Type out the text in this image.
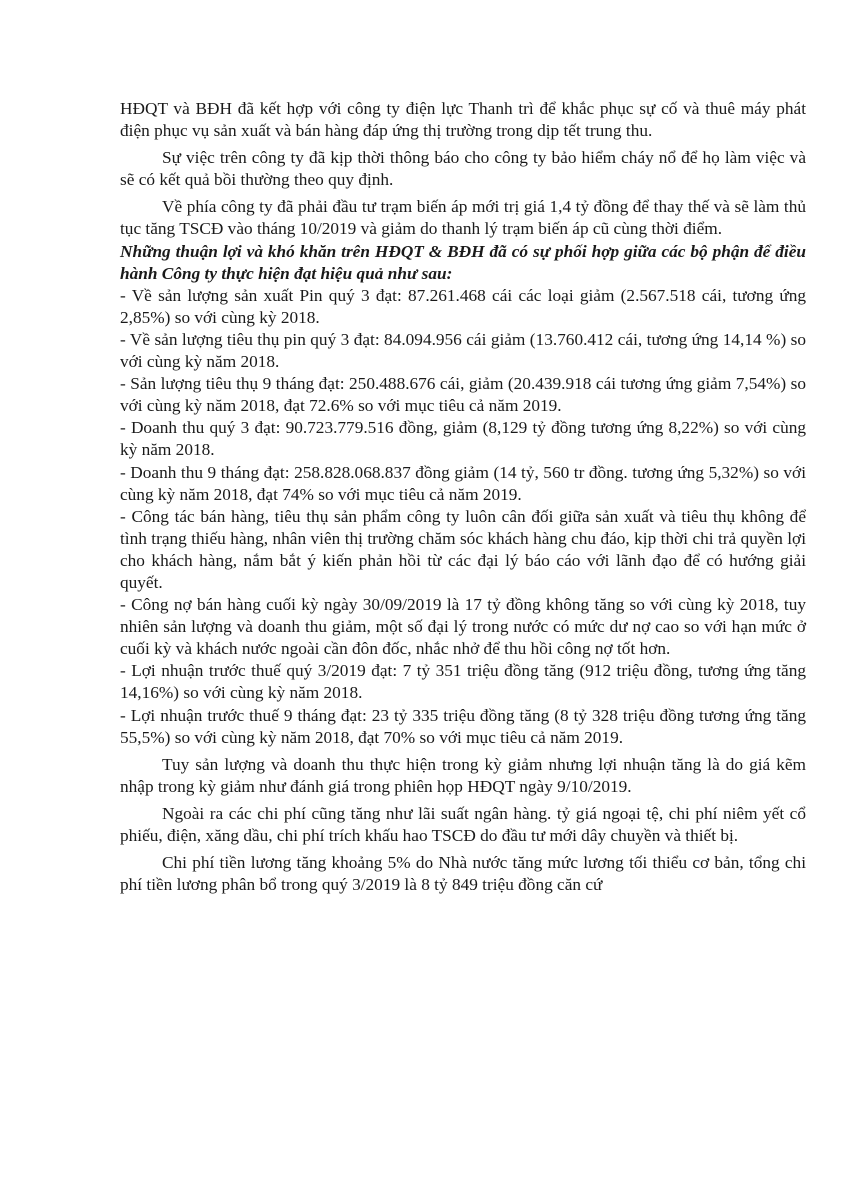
HĐQT và BĐH đã kết hợp với công ty điện lực Thanh trì để khắc phục sự cố và thuê máy phát điện phục vụ sản xuất và bán hàng đáp ứng thị trường trong dịp tết trung thu.

Sự việc trên công ty đã kịp thời thông báo cho công ty bảo hiểm cháy nổ để họ làm việc và sẽ có kết quả bồi thường theo quy định.

Về phía công ty đã phải đầu tư trạm biến áp mới trị giá 1,4 tỷ đồng để thay thế và sẽ làm thủ tục tăng TSCĐ vào tháng 10/2019 và giảm do thanh lý trạm biến áp cũ cùng thời điểm.

Những thuận lợi và khó khăn trên HĐQT & BĐH đã có sự phối hợp giữa các bộ phận để điều hành Công ty thực hiện đạt hiệu quả như sau:

- Về sản lượng sản xuất Pin quý 3 đạt: 87.261.468 cái các loại giảm (2.567.518 cái, tương ứng 2,85%) so với cùng kỳ 2018.

- Về sản lượng tiêu thụ pin quý 3 đạt: 84.094.956 cái giảm (13.760.412 cái, tương ứng 14,14 %) so với cùng kỳ năm 2018.

- Sản lượng tiêu thụ 9 tháng đạt: 250.488.676 cái, giảm (20.439.918 cái tương ứng giảm 7,54%) so với cùng kỳ năm 2018, đạt 72.6% so với mục tiêu cả năm 2019.

- Doanh thu quý 3 đạt: 90.723.779.516 đồng, giảm (8,129 tỷ đồng tương ứng 8,22%) so với cùng kỳ năm 2018.

- Doanh thu 9 tháng đạt: 258.828.068.837 đồng giảm (14 tỷ, 560 tr đồng. tương ứng 5,32%) so với cùng kỳ năm 2018, đạt 74% so với mục tiêu cả năm 2019.

- Công tác bán hàng, tiêu thụ sản phẩm công ty luôn cân đối giữa sản xuất và tiêu thụ không để tình trạng thiếu hàng, nhân viên thị trường chăm sóc khách hàng chu đáo, kịp thời chi trả quyền lợi cho khách hàng, nắm bắt ý kiến phản hồi từ các đại lý báo cáo với lãnh đạo để có hướng giải quyết.

- Công nợ bán hàng cuối kỳ ngày 30/09/2019 là 17 tỷ đồng không tăng so với cùng kỳ 2018, tuy nhiên sản lượng và doanh thu giảm, một số đại lý trong nước có mức dư nợ cao so với hạn mức ở cuối kỳ và khách nước ngoài cần đôn đốc, nhắc nhở để thu hồi công nợ tốt hơn.

- Lợi nhuận trước thuế quý 3/2019 đạt: 7 tỷ 351 triệu đồng tăng (912 triệu đồng, tương ứng tăng 14,16%) so với cùng kỳ năm 2018.

- Lợi nhuận trước thuế 9 tháng đạt: 23 tỷ 335 triệu đồng tăng (8 tỷ 328 triệu đồng tương ứng tăng 55,5%) so với cùng kỳ năm 2018, đạt 70% so với mục tiêu cả năm 2019.

Tuy sản lượng và doanh thu thực hiện trong kỳ giảm nhưng lợi nhuận tăng là do giá kẽm nhập trong kỳ giảm như đánh giá trong phiên họp HĐQT ngày 9/10/2019.

Ngoài ra các chi phí cũng tăng như lãi suất ngân hàng. tỷ giá ngoại tệ, chi phí niêm yết cổ phiếu, điện, xăng dầu, chi phí trích khấu hao TSCĐ do đầu tư mới dây chuyền và thiết bị.

Chi phí tiền lương tăng khoảng 5% do Nhà nước tăng mức lương tối thiểu cơ bản, tổng chi phí tiền lương phân bổ trong quý 3/2019 là 8 tỷ 849 triệu đồng căn cứ
